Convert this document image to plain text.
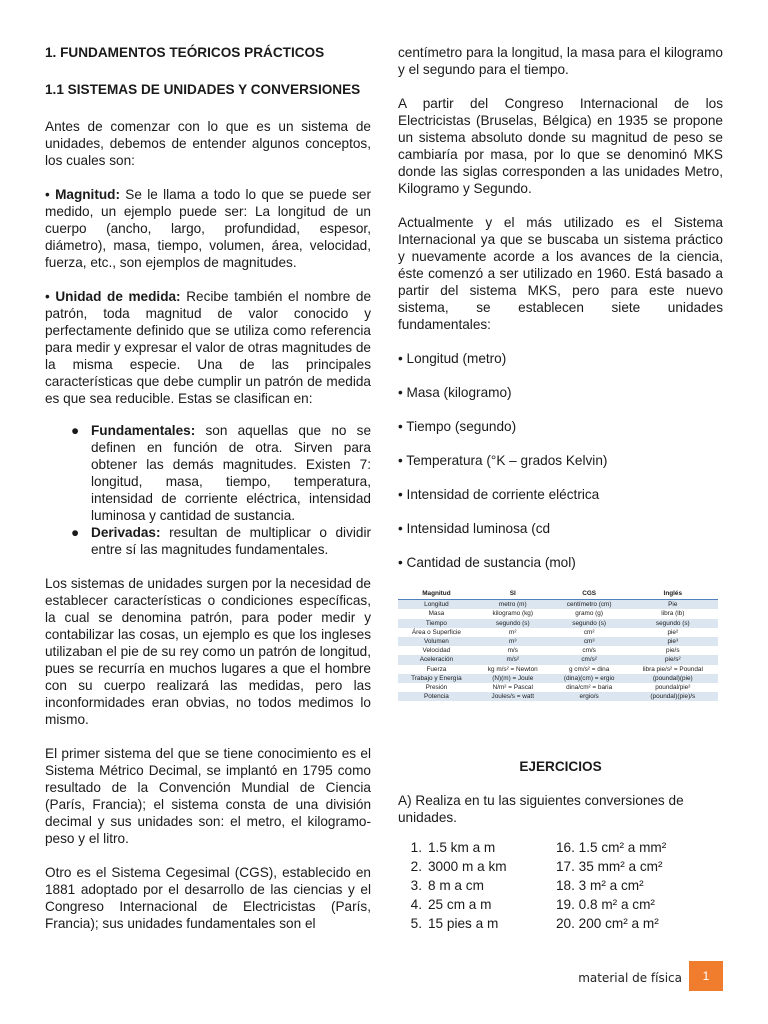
1. FUNDAMENTOS TEÓRICOS PRÁCTICOS
1.1 SISTEMAS DE UNIDADES Y CONVERSIONES

Antes de comenzar con lo que es un sistema de unidades, debemos de entender algunos conceptos, los cuales son:

• Magnitud: Se le llama a todo lo que se puede ser medido, un ejemplo puede ser: La longitud de un cuerpo (ancho, largo, profundidad, espesor, diámetro), masa, tiempo, volumen, área, velocidad, fuerza, etc., son ejemplos de magnitudes.

• Unidad de medida: Recibe también el nombre de patrón, toda magnitud de valor conocido y perfectamente definido que se utiliza como referencia para medir y expresar el valor de otras magnitudes de la misma especie. Una de las principales características que debe cumplir un patrón de medida es que sea reducible. Estas se clasifican en:

● Fundamentales: son aquellas que no se definen en función de otra. Sirven para obtener las demás magnitudes. Existen 7: longitud, masa, tiempo, temperatura, intensidad de corriente eléctrica, intensidad luminosa y cantidad de sustancia.
● Derivadas: resultan de multiplicar o dividir entre sí las magnitudes fundamentales.

Los sistemas de unidades surgen por la necesidad de establecer características o condiciones específicas, la cual se denomina patrón, para poder medir y contabilizar las cosas, un ejemplo es que los ingleses utilizaban el pie de su rey como un patrón de longitud, pues se recurría en muchos lugares a que el hombre con su cuerpo realizará las medidas, pero las inconformidades eran obvias, no todos medimos lo mismo.

El primer sistema del que se tiene conocimiento es el Sistema Métrico Decimal, se implantó en 1795 como resultado de la Convención Mundial de Ciencia (París, Francia); el sistema consta de una división decimal y sus unidades son: el metro, el kilogramo-peso y el litro.

Otro es el Sistema Cegesimal (CGS), establecido en 1881 adoptado por el desarrollo de las ciencias y el Congreso Internacional de Electricistas (París, Francia); sus unidades fundamentales son el

centímetro para la longitud, la masa para el kilogramo y el segundo para el tiempo.

A partir del Congreso Internacional de los Electricistas (Bruselas, Bélgica) en 1935 se propone un sistema absoluto donde su magnitud de peso se cambiaría por masa, por lo que se denominó MKS donde las siglas corresponden a las unidades Metro, Kilogramo y Segundo.

Actualmente y el más utilizado es el Sistema Internacional ya que se buscaba un sistema práctico y nuevamente acorde a los avances de la ciencia, éste comenzó a ser utilizado en 1960. Está basado a partir del sistema MKS, pero para este nuevo sistema, se establecen siete unidades fundamentales:

• Longitud (metro)
• Masa (kilogramo)
• Tiempo (segundo)
• Temperatura (°K – grados Kelvin)
• Intensidad de corriente eléctrica
• Intensidad luminosa (cd
• Cantidad de sustancia (mol)
Magnitud	SI	CGS	Inglés
Longitud	metro (m)	centímetro (cm)	Pie
Masa	kilogramo (kg)	gramo (g)	libra (lb)
Tiempo	segundo (s)	segundo (s)	segundo (s)
Área o Superficie	m²	cm²	pie²
Volumen	m³	cm³	pie³
Velocidad	m/s	cm/s	pie/s
Aceleración	m/s²	cm/s²	pie/s²
Fuerza	kg m/s² = Newton	g cm/s² = dina	libra pie/s² = Poundal
Trabajo y Energía	(N)(m) = Joule	(dina)(cm) = ergio	(poundal)(pie)
Presión	N/m² = Pascal	dina/cm² = baria	poundal/pie²
Potencia	Joules/s = watt	ergio/s	(poundal)(pie)/s
EJERCICIOS
A) Realiza en tu las siguientes conversiones de unidades.
1. 1.5 km a m	16. 1.5 cm² a mm²
2. 3000 m a km	17. 35 mm² a cm²
3. 8 m a cm	18. 3 m² a cm²
4. 25 cm a m	19. 0.8 m² a cm²
5. 15 pies a m	20. 200 cm² a m²
material de física	1
